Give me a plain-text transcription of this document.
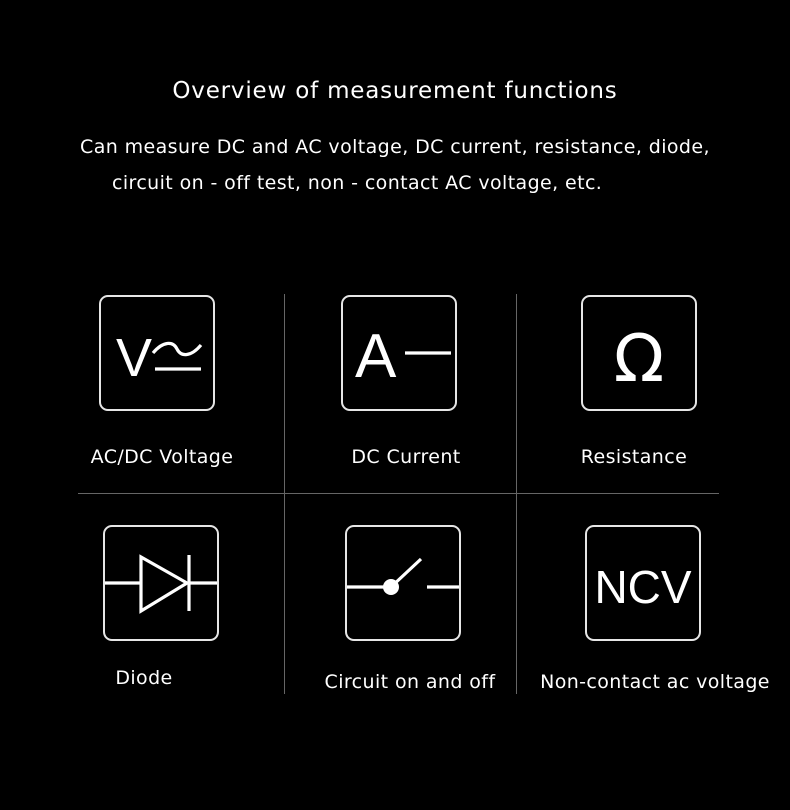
Overview of measurement functions
Can measure DC and AC voltage, DC current, resistance, diode,
circuit on - off test, non - contact AC voltage, etc.
V
AC/DC Voltage
A
DC Current
Ω
Resistance
Diode	Circuit on and off
NCV
Non-contact ac voltage
